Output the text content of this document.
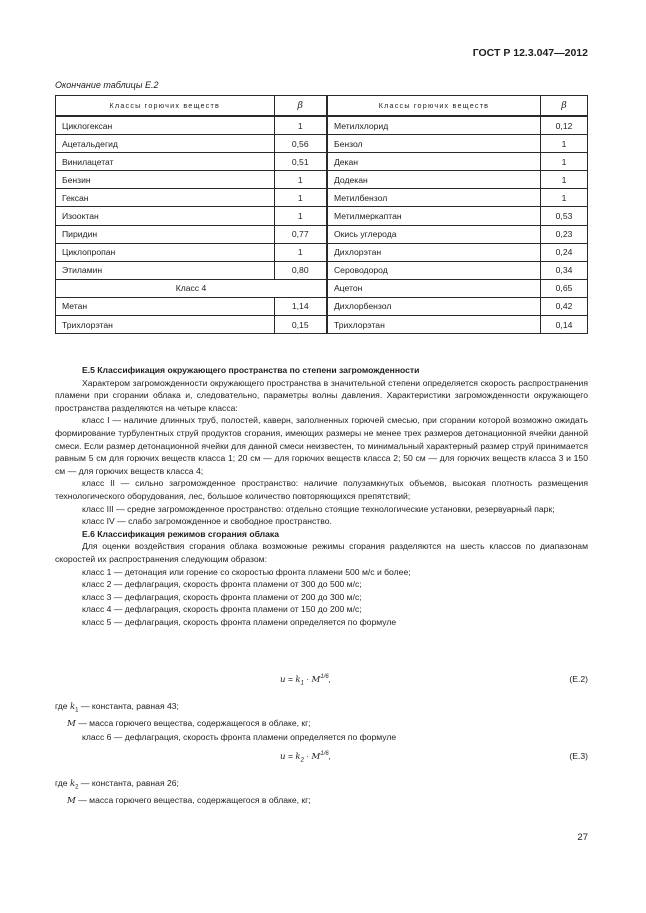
ГОСТ Р 12.3.047—2012
Окончание таблицы Е.2
Классы горючих веществ	β	Классы горючих веществ	β
Циклогексан	1	Метилхлорид	0,12
Ацетальдегид	0,56	Бензол	1
Винилацетат	0,51	Декан	1
Бензин	1	Додекан	1
Гексан	1	Метилбензол	1
Изооктан	1	Метилмеркаптан	0,53
Пиридин	0,77	Окись углерода	0,23
Циклопропан	1	Дихлорэтан	0,24
Этиламин	0,80	Сероводород	0,34
Класс 4		Ацетон	0,65
Метан	1,14	Дихлорбензол	0,42
Трихлорэтан	0,15	Трихлорэтан	0,14

Е.5 Классификация окружающего пространства по степени загроможденности

Характером загроможденности окружающего пространства в значительной степени определяется скорость распространения пламени при сгорании облака и, следовательно, параметры волны давления. Характеристики загроможденности окружающего пространства разделяются на четыре класса:

класс I — наличие длинных труб, полостей, каверн, заполненных горючей смесью, при сгорании которой возможно ожидать формирование турбулентных струй продуктов сгорания, имеющих размеры не менее трех размеров детонационной ячейки данной смеси. Если размер детонационной ячейки для данной смеси неизвестен, то минимальный характерный размер струй принимается равным 5 см для горючих веществ класса 1; 20 см — для горючих веществ класса 2; 50 см — для горючих веществ класса 3 и 150 см — для горючих веществ класса 4;

класс II — сильно загроможденное пространство: наличие полузамкнутых объемов, высокая плотность размещения технологического оборудования, лес, большое количество повторяющихся препятствий;

класс III — средне загроможденное пространство: отдельно стоящие технологические установки, резервуарный парк;

класс IV — слабо загроможденное и свободное пространство.

Е.6 Классификация режимов сгорания облака

Для оценки воздействия сгорания облака возможные режимы сгорания разделяются на шесть классов по диапазонам скоростей их распространения следующим образом:

класс 1 — детонация или горение со скоростью фронта пламени 500 м/с и более;

класс 2 — дефлаграция, скорость фронта пламени от 300 до 500 м/с;

класс 3 — дефлаграция, скорость фронта пламени от 200 до 300 м/с;

класс 4 — дефлаграция, скорость фронта пламени от 150 до 200 м/с;

класс 5 — дефлаграция, скорость фронта пламени определяется по формуле

$u = k_1 \cdot M^{1/6}$,	(Е.2)

где $k_1$ — константа, равная 43;

M — масса горючего вещества, содержащегося в облаке, кг;

класс 6 — дефлаграция, скорость фронта пламени определяется по формуле

$u = k_2 \cdot M^{1/6}$,	(Е.3)

где $k_2$ — константа, равная 26;

M — масса горючего вещества, содержащегося в облаке, кг;

27
